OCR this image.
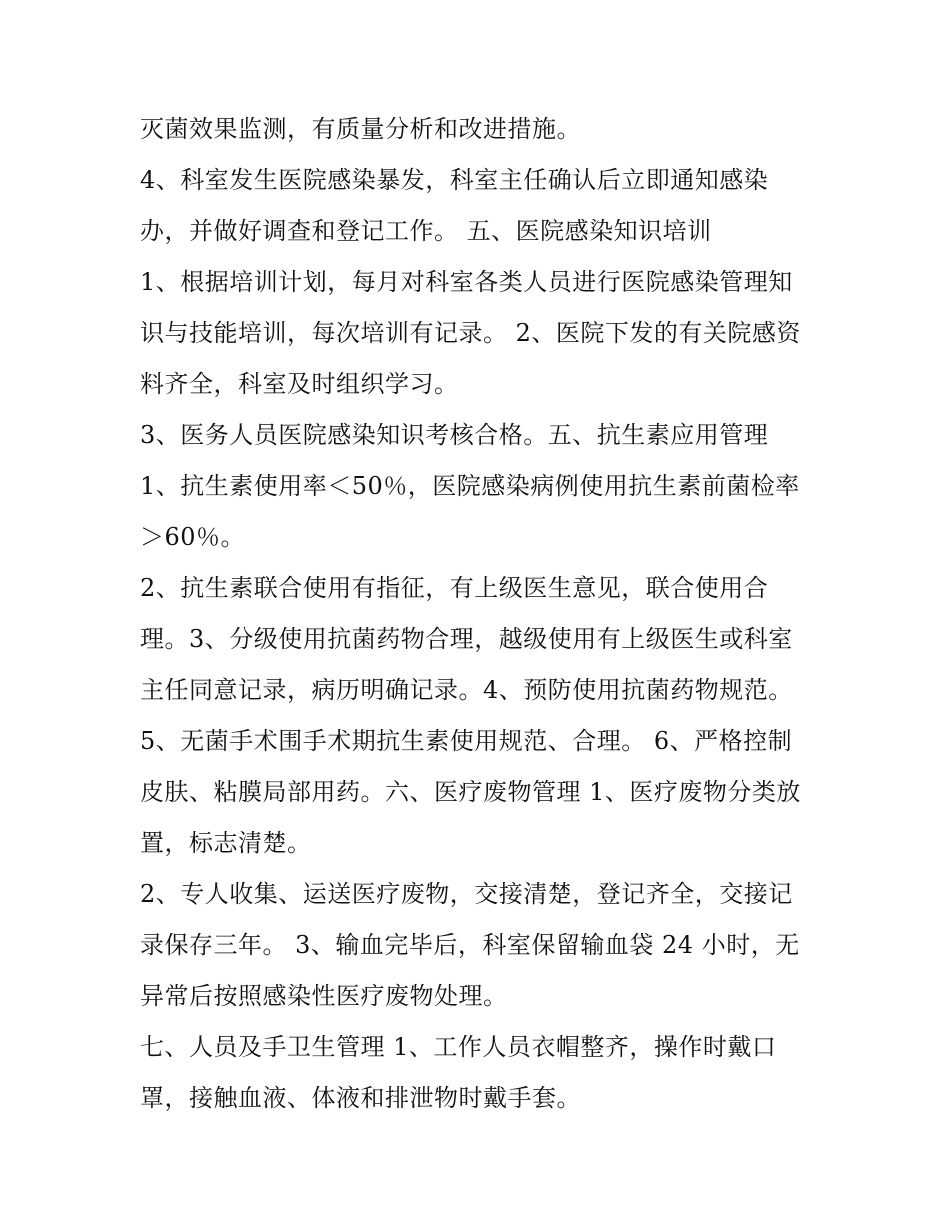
灭菌效果监测，有质量分析和改进措施。
4、科室发生医院感染暴发，科室主任确认后立即通知感染
办，并做好调查和登记工作。 五、医院感染知识培训
1、根据培训计划，每月对科室各类人员进行医院感染管理知
识与技能培训，每次培训有记录。 2、医院下发的有关院感资
料齐全，科室及时组织学习。
3、医务人员医院感染知识考核合格。五、抗生素应用管理
1、抗生素使用率＜50％，医院感染病例使用抗生素前菌检率
＞60％。
2、抗生素联合使用有指征，有上级医生意见，联合使用合
理。3、分级使用抗菌药物合理，越级使用有上级医生或科室
主任同意记录，病历明确记录。4、预防使用抗菌药物规范。
5、无菌手术围手术期抗生素使用规范、合理。 6、严格控制
皮肤、粘膜局部用药。六、医疗废物管理 1、医疗废物分类放
置，标志清楚。
2、专人收集、运送医疗废物，交接清楚，登记齐全，交接记
录保存三年。 3、输血完毕后，科室保留输血袋 24 小时，无
异常后按照感染性医疗废物处理。
七、人员及手卫生管理 1、工作人员衣帽整齐，操作时戴口
罩，接触血液、体液和排泄物时戴手套。
